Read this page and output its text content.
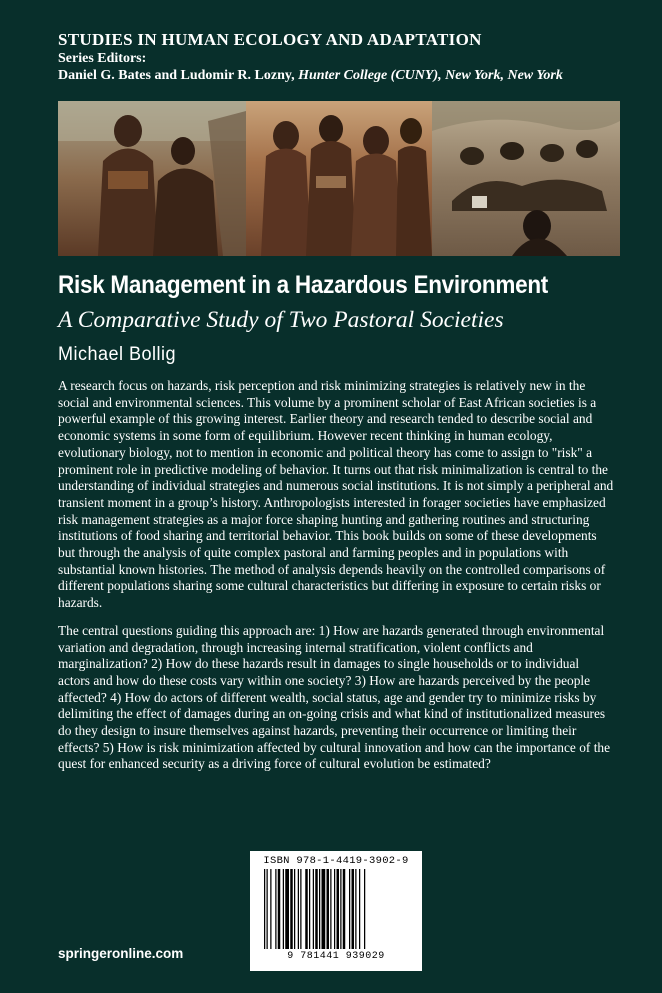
STUDIES IN HUMAN ECOLOGY AND ADAPTATION
Series Editors:
Daniel G. Bates and Ludomir R. Lozny, Hunter College (CUNY), New York, New York
Risk Management in a Hazardous Environment
A Comparative Study of Two Pastoral Societies
Michael Bollig

A research focus on hazards, risk perception and risk minimizing strategies is relatively new in the social and environmental sciences. This volume by a prominent scholar of East African societies is a powerful example of this growing interest. Earlier theory and research tended to describe social and economic systems in some form of equilibrium. However recent thinking in human ecology, evolutionary biology, not to mention in economic and political theory has come to assign to "risk" a prominent role in predictive modeling of behavior. It turns out that risk minimalization is central to the understanding of individual strategies and numerous social institutions. It is not simply a peripheral and transient moment in a group’s history. Anthropologists interested in forager societies have emphasized risk management strategies as a major force shaping hunting and gathering routines and structuring institutions of food sharing and territorial behavior. This book builds on some of these developments but through the analysis of quite complex pastoral and farming peoples and in populations with substantial known histories. The method of analysis depends heavily on the controlled comparisons of different populations sharing some cultural characteristics but differing in exposure to certain risks or hazards.

The central questions guiding this approach are: 1) How are hazards generated through environmental variation and degradation, through increasing internal stratification, violent conflicts and marginalization? 2) How do these hazards result in damages to single households or to individual actors and how do these costs vary within one society? 3) How are hazards perceived by the people affected? 4) How do actors of different wealth, social status, age and gender try to minimize risks by delimiting the effect of damages during an on-going crisis and what kind of institutionalized measures do they design to insure themselves against hazards, preventing their occurrence or limiting their effects? 5) How is risk minimization affected by cultural innovation and how can the importance of the quest for enhanced security as a driving force of cultural evolution be estimated?

ISBN 978-1-4419-3902-9
9 781441 939029
springeronline.com
